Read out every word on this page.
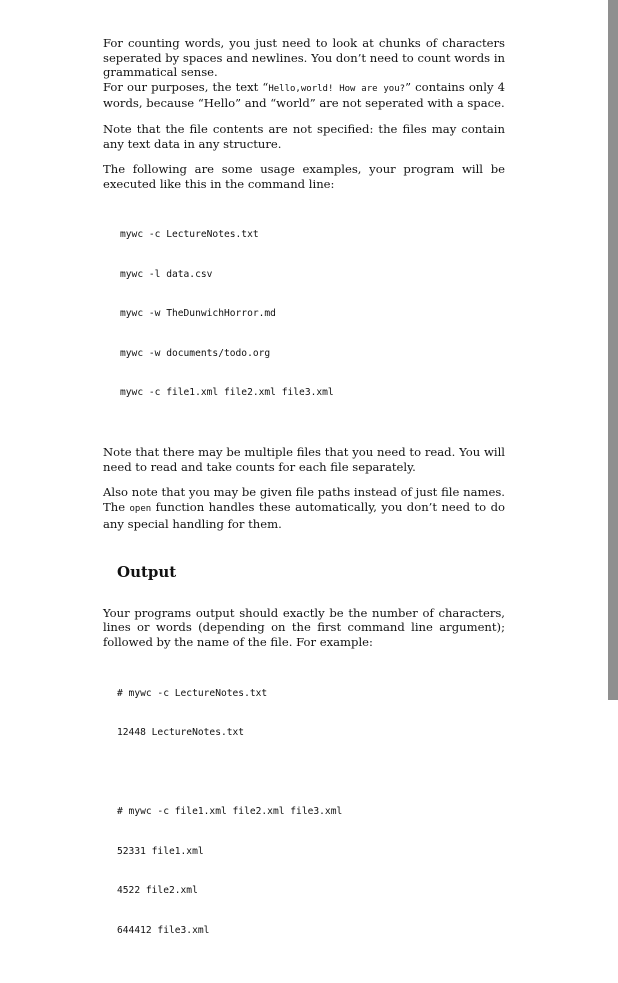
For counting words, you just need to look at chunks of characters seperated by spaces and newlines. You don’t need to count words in grammatical sense.
For our purposes, the text “Hello,world! How are you?” contains only 4 words, because “Hello” and “world” are not seperated with a space.

Note that the file contents are not specified: the files may contain any text data in any structure.

The following are some usage examples, your program will be executed like this in the command line:

mywc -c LectureNotes.txt

mywc -l data.csv

mywc -w TheDunwichHorror.md

mywc -w documents/todo.org

mywc -c file1.xml file2.xml file3.xml

Note that there may be multiple files that you need to read. You will need to read and take counts for each file separately.

Also note that you may be given file paths instead of just file names. The open function handles these automatically, you don’t need to do any special handling for them.

Output

Your programs output should exactly be the number of characters, lines or words (depending on the first command line argument); followed by the name of the file. For example:

# mywc -c LectureNotes.txt

12448 LectureNotes.txt

# mywc -c file1.xml file2.xml file3.xml

52331 file1.xml

4522 file2.xml

644412 file3.xml
